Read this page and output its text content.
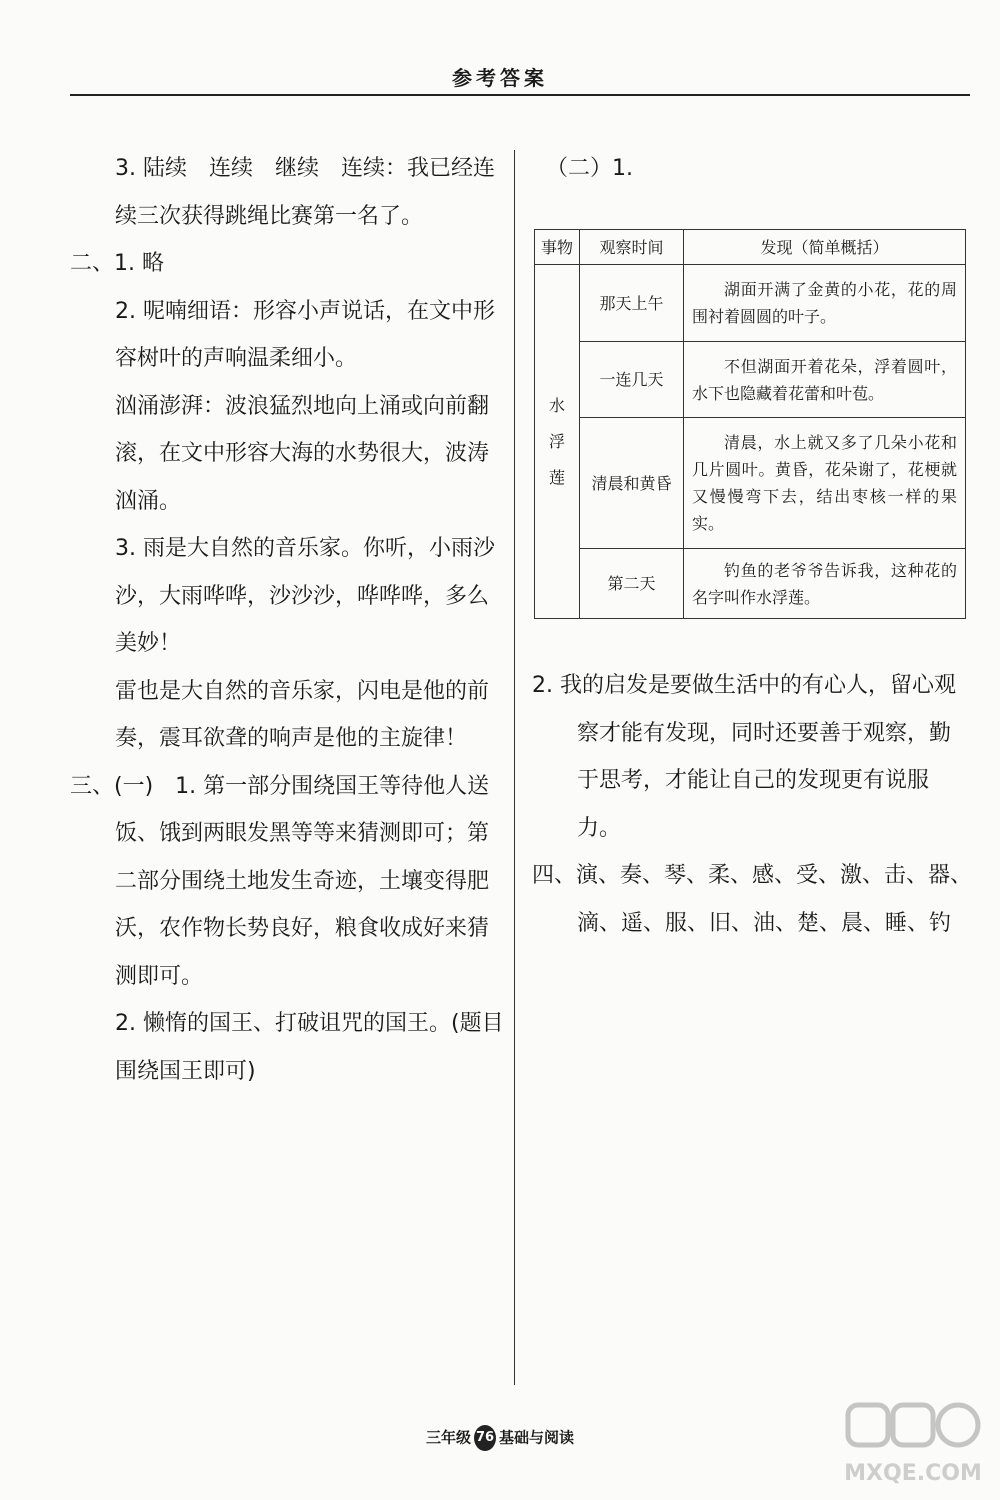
参考答案

3. 陆续　连续　继续　连续：我已经连续三次获得跳绳比赛第一名了。

二、1. 略

2. 呢喃细语：形容小声说话，在文中形容树叶的声响温柔细小。

汹涌澎湃：波浪猛烈地向上涌或向前翻滚，在文中形容大海的水势很大，波涛汹涌。

3. 雨是大自然的音乐家。你听，小雨沙沙，大雨哗哗，沙沙沙，哗哗哗，多么美妙！

雷也是大自然的音乐家，闪电是他的前奏，震耳欲聋的响声是他的主旋律！

三、(一)　1. 第一部分围绕国王等待他人送饭、饿到两眼发黑等等来猜测即可；第二部分围绕土地发生奇迹，土壤变得肥沃，农作物长势良好，粮食收成好来猜测即可。

2. 懒惰的国王、打破诅咒的国王。(题目围绕国王即可)

（二）1.

事物	观察时间	发现（简单概括）

水
浮
莲	那天上午	湖面开满了金黄的小花，花的周围衬着圆圆的叶子。

	一连几天	不但湖面开着花朵，浮着圆叶，水下也隐藏着花蕾和叶苞。

	清晨和黄昏	清晨，水上就又多了几朵小花和几片圆叶。黄昏，花朵谢了，花梗就又慢慢弯下去，结出枣核一样的果实。

	第二天	钓鱼的老爷爷告诉我，这种花的名字叫作水浮莲。

2. 我的启发是要做生活中的有心人，留心观察才能有发现，同时还要善于观察，勤于思考，才能让自己的发现更有说服力。

四、演、奏、琴、柔、感、受、激、击、器、滴、遥、服、旧、油、楚、晨、睡、钓

三年级 76 基础与阅读
MXQE.COM
